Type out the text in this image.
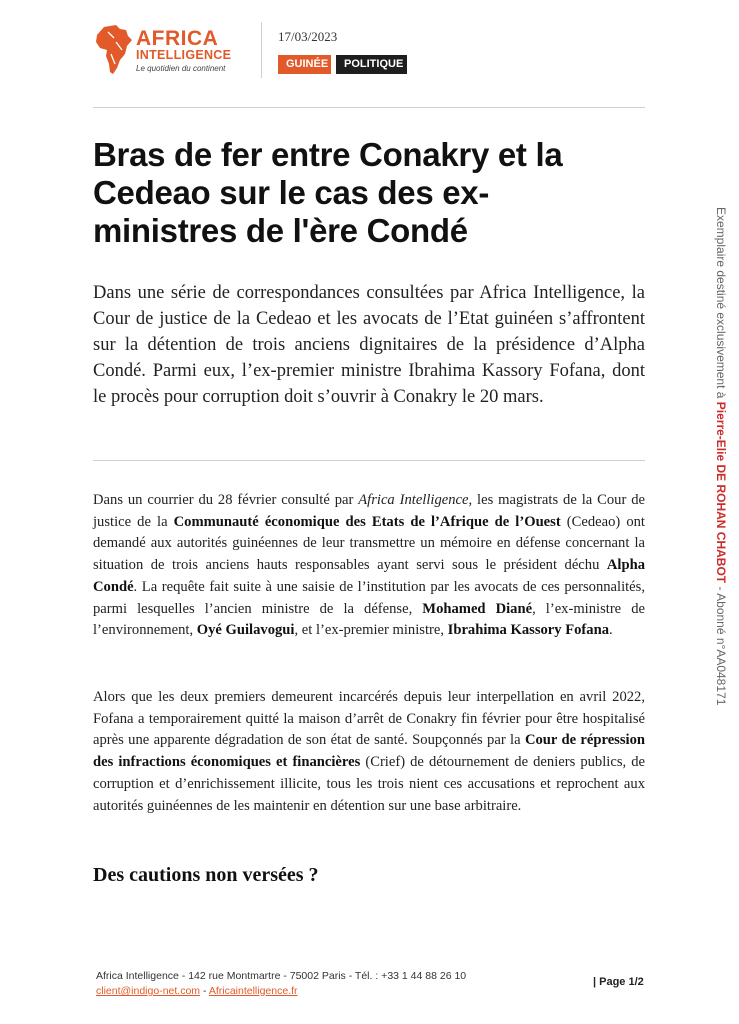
AFRICA
INTELLIGENCE
Le quotidien du continent
17/03/2023
GUINÉE	POLITIQUE
Bras de fer entre Conakry et la Cedeao sur le cas des ex-ministres de l'ère Condé

Dans une série de correspondances consultées par Africa Intelligence, la Cour de justice de la Cedeao et les avocats de l’Etat guinéen s’affrontent sur la détention de trois anciens dignitaires de la présidence d’Alpha Condé. Parmi eux, l’ex-premier ministre Ibrahima Kassory Fofana, dont le procès pour corruption doit s’ouvrir à Conakry le 20 mars.

Dans un courrier du 28 février consulté par Africa Intelligence, les magistrats de la Cour de justice de la Communauté économique des Etats de l’Afrique de l’Ouest (Cedeao) ont demandé aux autorités guinéennes de leur transmettre un mémoire en défense concernant la situation de trois anciens hauts responsables ayant servi sous le président déchu Alpha Condé. La requête fait suite à une saisie de l’institution par les avocats de ces personnalités, parmi lesquelles l’ancien ministre de la défense, Mohamed Diané, l’ex-ministre de l’environnement, Oyé Guilavogui, et l’ex-premier ministre, Ibrahima Kassory Fofana.

Alors que les deux premiers demeurent incarcérés depuis leur interpellation en avril 2022, Fofana a temporairement quitté la maison d’arrêt de Conakry fin février pour être hospitalisé après une apparente dégradation de son état de santé. Soupçonnés par la Cour de répression des infractions économiques et financières (Crief) de détournement de deniers publics, de corruption et d’enrichissement illicite, tous les trois nient ces accusations et reprochent aux autorités guinéennes de les maintenir en détention sur une base arbitraire.

Des cautions non versées ?
Africa Intelligence - 142 rue Montmartre - 75002 Paris - Tél. : +33 1 44 88 26 10
client@indigo-net.com - Africaintelligence.fr
| Page 1/2
Exemplaire destiné exclusivement à Pierre-Elie DE ROHAN CHABOT - Abonné n°AA048171
